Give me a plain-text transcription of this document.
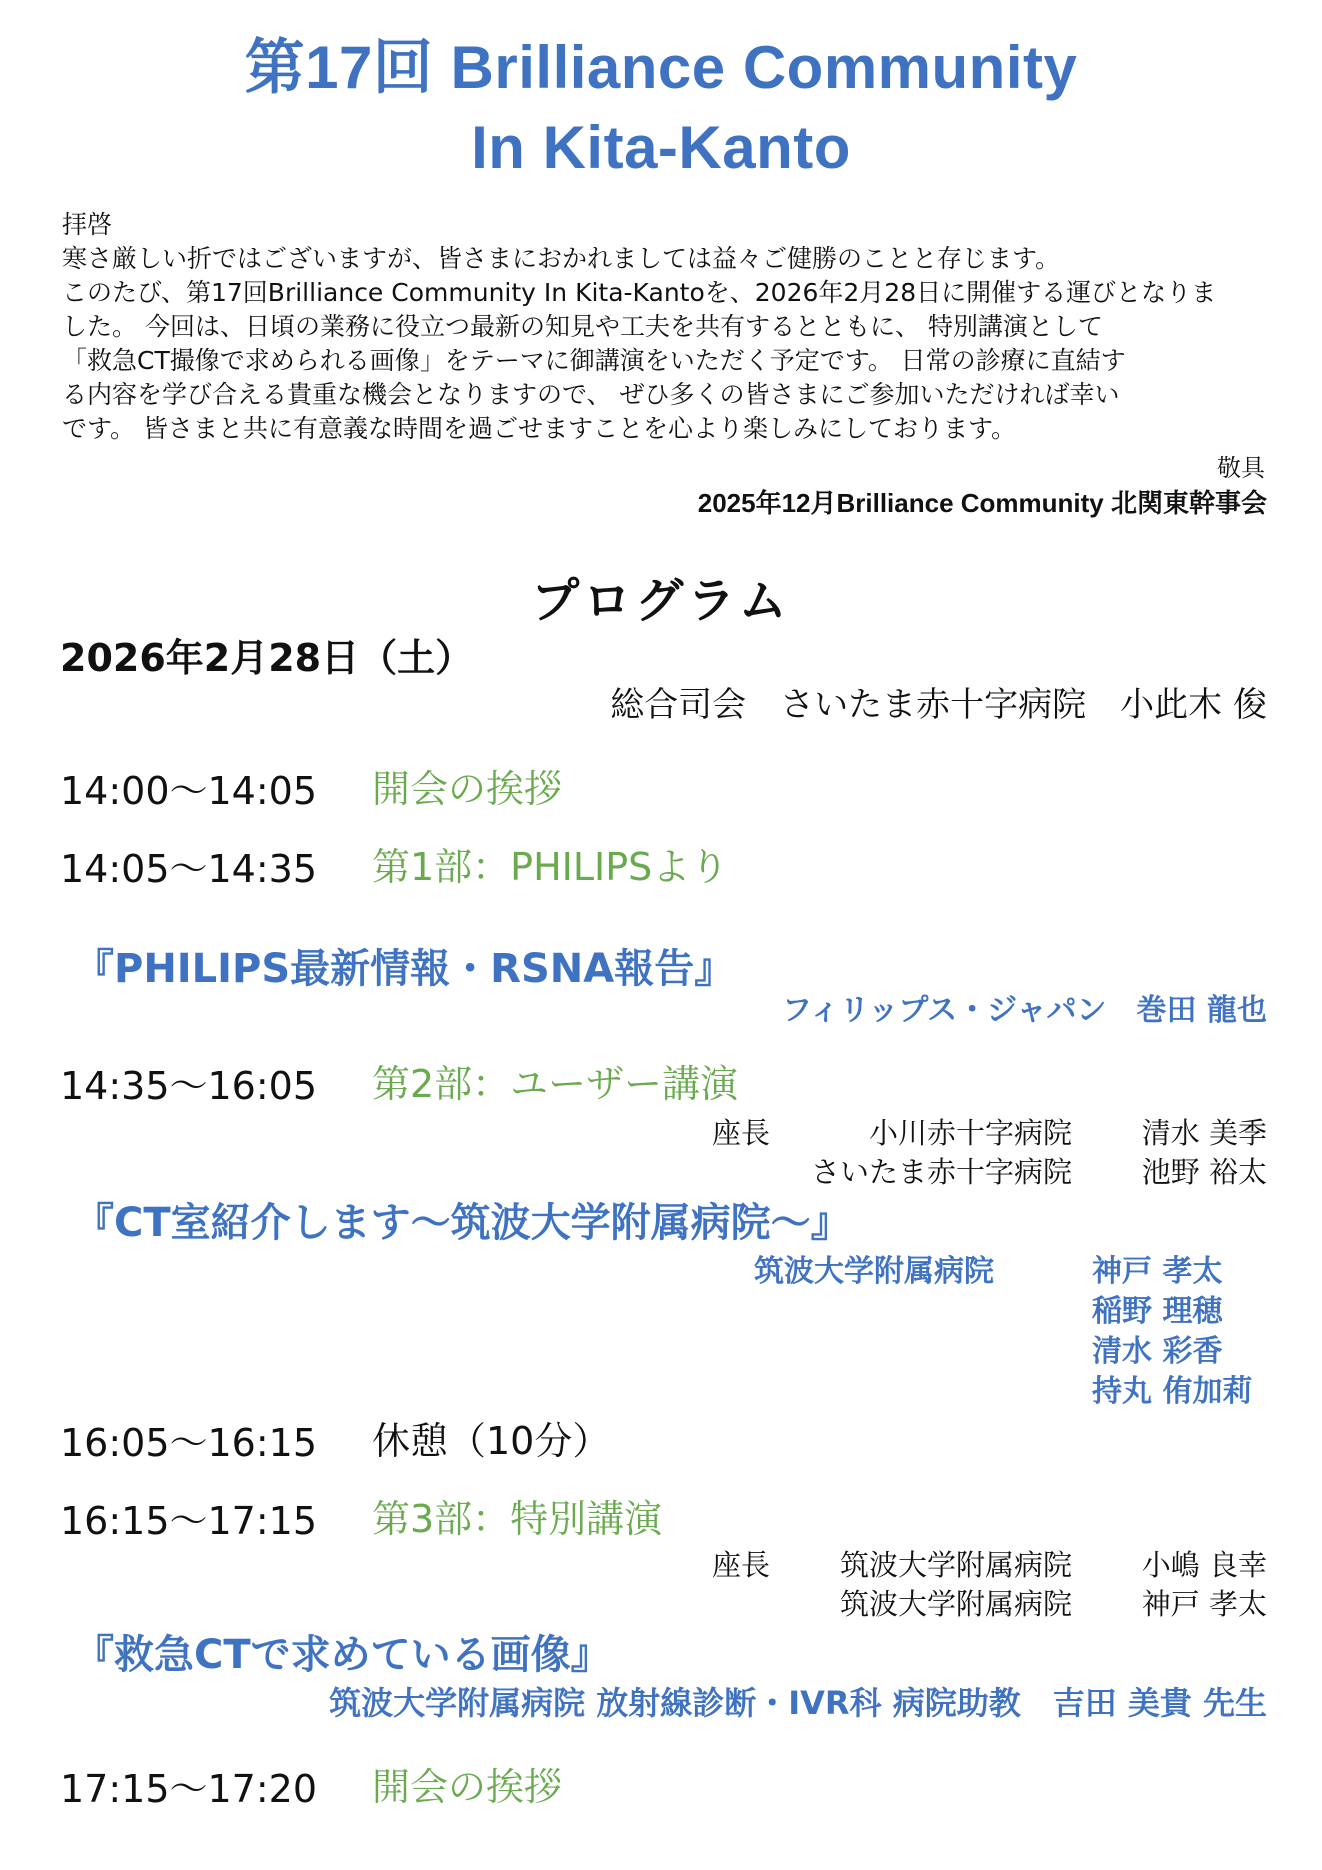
第17回 Brilliance Community
In Kita-Kanto

拝啓

寒さ厳しい折ではございますが、皆さまにおかれましては益々ご健勝のことと存じます。

このたび、第17回Brilliance Community In Kita-Kantoを、2026年2月28日に開催する運びとなりま

した。 今回は、日頃の業務に役立つ最新の知見や工夫を共有するとともに、 特別講演として

「救急CT撮像で求められる画像」をテーマに御講演をいただく予定です。 日常の診療に直結す

る内容を学び合える貴重な機会となりますので、 ぜひ多くの皆さまにご参加いただければ幸い

です。 皆さまと共に有意義な時間を過ごせますことを心より楽しみにしております。

敬具
2025年12月Brilliance Community 北関東幹事会
プログラム
2026年2月28日（土）
総合司会　さいたま赤十字病院　小此木 俊
14:00〜14:05 開会の挨拶
14:05〜14:35 第1部：PHILIPSより
『PHILIPS最新情報・RSNA報告』
フィリップス・ジャパン　巻田 龍也
14:35〜16:05 第2部：ユーザー講演
座長	小川赤十字病院 清水 美季
さいたま赤十字病院 池野 裕太
『CT室紹介します〜筑波大学附属病院〜』
筑波大学附属病院	神戸 孝太
稲野 理穂
清水 彩香
持丸 侑加莉
16:05〜16:15 休憩（10分）
16:15〜17:15 第3部：特別講演
座長 筑波大学附属病院 小嶋 良幸
筑波大学附属病院 神戸 孝太
『救急CTで求めている画像』
筑波大学附属病院 放射線診断・IVR科 病院助教　吉田 美貴 先生
17:15〜17:20 開会の挨拶
